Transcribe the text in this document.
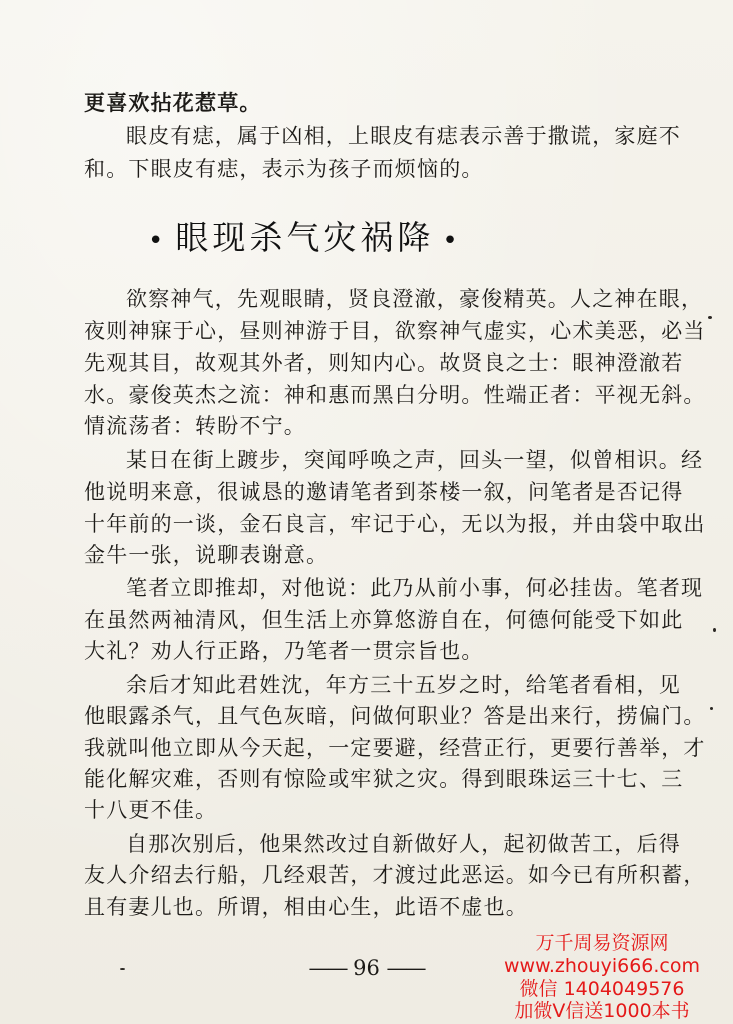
更喜欢拈花惹草。
眼皮有痣，属于凶相，上眼皮有痣表示善于撒谎，家庭不
和。下眼皮有痣，表示为孩子而烦恼的。
• 眼现杀气灾祸降 •
欲察神气，先观眼睛，贤良澄澈，豪俊精英。人之神在眼，
夜则神寐于心，昼则神游于目，欲察神气虚实，心术美恶，必当
先观其目，故观其外者，则知内心。故贤良之士：眼神澄澈若
水。豪俊英杰之流：神和惠而黑白分明。性端正者：平视无斜。
情流荡者：转盼不宁。
某日在街上踱步，突闻呼唤之声，回头一望，似曾相识。经
他说明来意，很诚恳的邀请笔者到茶楼一叙，问笔者是否记得
十年前的一谈，金石良言，牢记于心，无以为报，并由袋中取出
金牛一张，说聊表谢意。
笔者立即推却，对他说：此乃从前小事，何必挂齿。笔者现
在虽然两袖清风，但生活上亦算悠游自在，何德何能受下如此
大礼？劝人行正路，乃笔者一贯宗旨也。
余后才知此君姓沈，年方三十五岁之时，给笔者看相，见
他眼露杀气，且气色灰暗，问做何职业？答是出来行，捞偏门。
我就叫他立即从今天起，一定要避，经营正行，更要行善举，才
能化解灾难，否则有惊险或牢狱之灾。得到眼珠运三十七、三
十八更不佳。
自那次别后，他果然改过自新做好人，起初做苦工，后得
友人介绍去行船，几经艰苦，才渡过此恶运。如今已有所积蓄，
且有妻儿也。所谓，相由心生，此语不虚也。
—— 96 ——
万千周易资源网
www.zhouyi666.com
微信 1404049576
加微V信送1000本书
